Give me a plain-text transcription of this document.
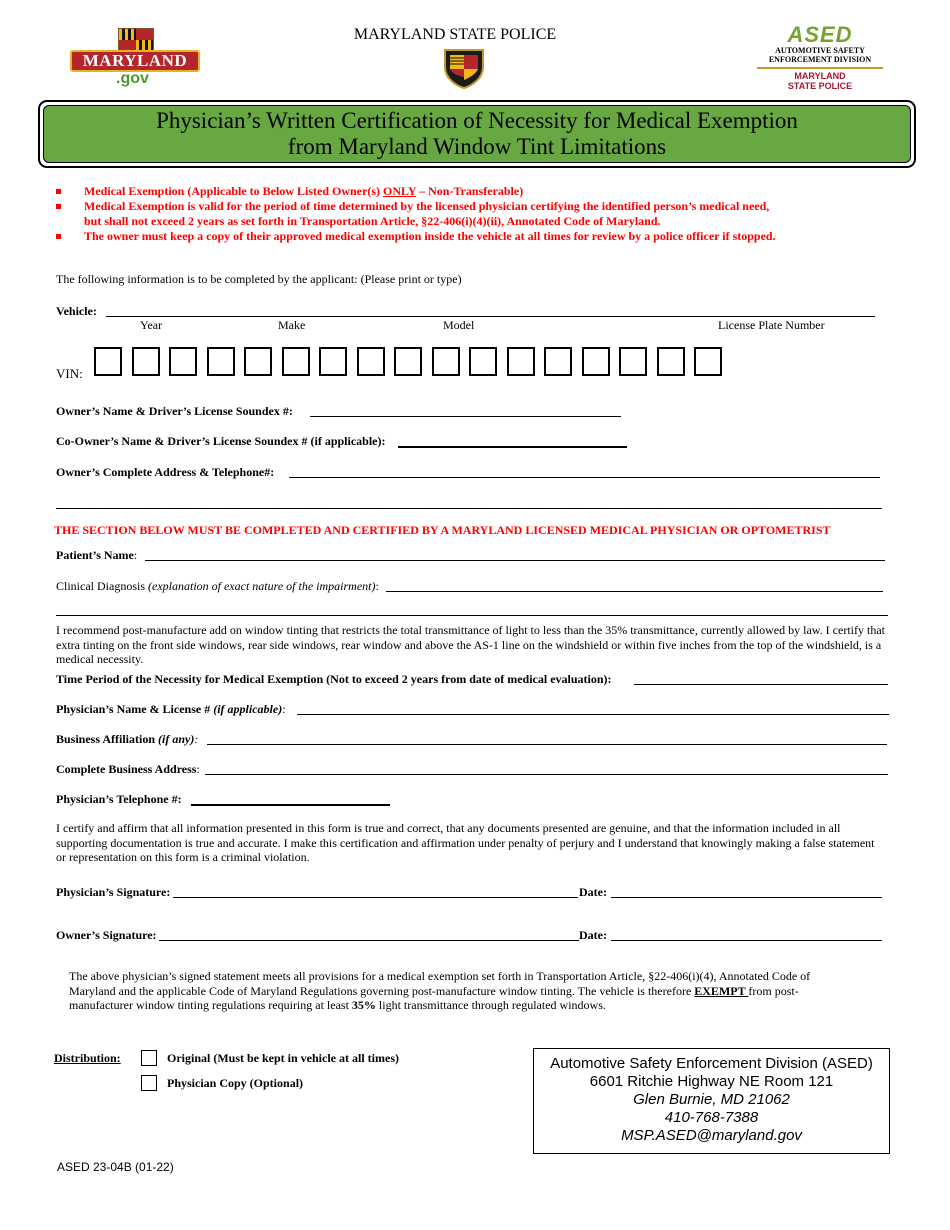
MARYLAND
.gov
MARYLAND STATE POLICE	ASED
AUTOMOTIVE SAFETY
ENFORCEMENT DIVISION
MARYLAND
STATE POLICE
Physician’s Written Certification of Necessity for Medical Exemption
from Maryland Window Tint Limitations
Medical Exemption (Applicable to Below Listed Owner(s) ONLY – Non-Transferable)
Medical Exemption is valid for the period of time determined by the licensed physician certifying the identified person’s medical need, but shall not exceed 2 years as set forth in Transportation Article, §22-406(i)(4)(ii), Annotated Code of Maryland.
The owner must keep a copy of their approved medical exemption inside the vehicle at all times for review by a police officer if stopped.
The following information is to be completed by the applicant: (Please print or type)
Vehicle:
Year	Make	Model	License Plate Number
VIN:
Owner’s Name & Driver’s License Soundex #:
Co-Owner’s Name & Driver’s License Soundex # (if applicable):
Owner’s Complete Address & Telephone#:
THE SECTION BELOW MUST BE COMPLETED AND CERTIFIED BY A MARYLAND LICENSED MEDICAL PHYSICIAN OR OPTOMETRIST
Patient’s Name:
Clinical Diagnosis (explanation of exact nature of the impairment):
I recommend post-manufacture add on window tinting that restricts the total transmittance of light to less than the 35% transmittance, currently allowed by law. I certify that extra tinting on the front side windows, rear side windows, rear window and above the AS-1 line on the windshield or within five inches from the top of the windshield, is a medical necessity.
Time Period of the Necessity for Medical Exemption (Not to exceed 2 years from date of medical evaluation):
Physician’s Name & License # (if applicable):
Business Affiliation (if any):
Complete Business Address:
Physician’s Telephone #:
I certify and affirm that all information presented in this form is true and correct, that any documents presented are genuine, and that the information included in all supporting documentation is true and accurate. I make this certification and affirmation under penalty of perjury and I understand that knowingly making a false statement or representation on this form is a criminal violation.
Physician’s Signature:	Date:
Owner’s Signature:	Date:
The above physician’s signed statement meets all provisions for a medical exemption set forth in Transportation Article, §22-406(i)(4), Annotated Code of Maryland and the applicable Code of Maryland Regulations governing post-manufacture window tinting. The vehicle is therefore EXEMPT from post-manufacturer window tinting regulations requiring at least 35% light transmittance through regulated windows.
Distribution:	Original (Must be kept in vehicle at all times)
Physician Copy (Optional)
Automotive Safety Enforcement Division (ASED)
6601 Ritchie Highway NE Room 121
Glen Burnie, MD 21062
410-768-7388
MSP.ASED@maryland.gov
ASED 23-04B (01-22)
